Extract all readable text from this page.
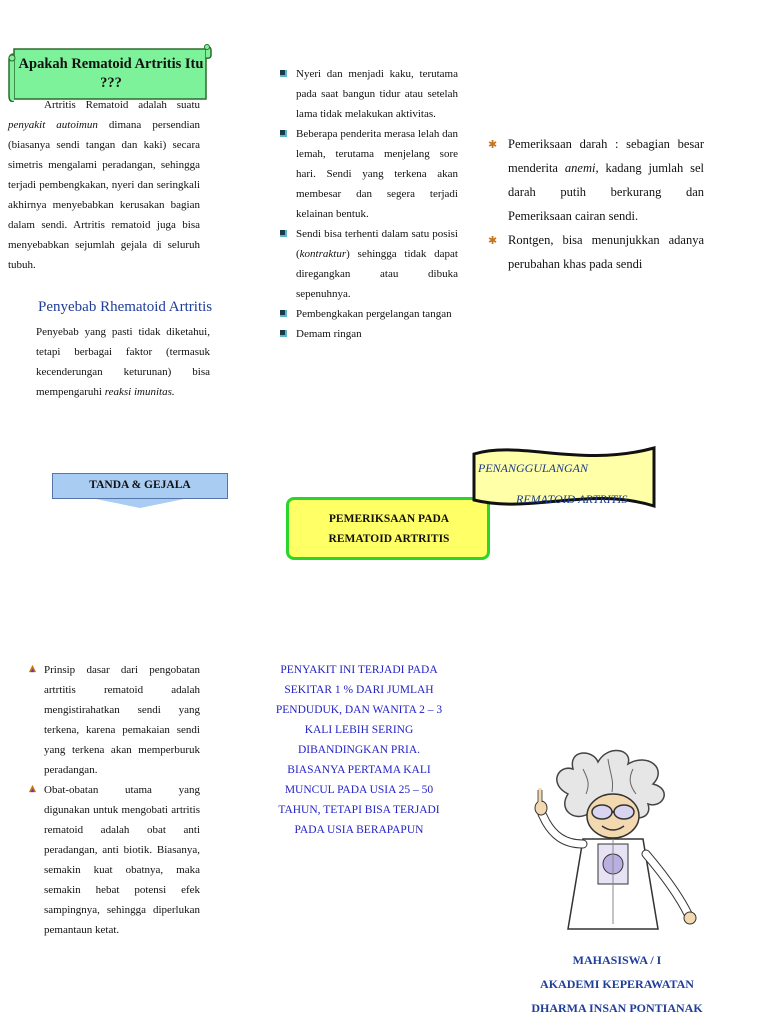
Apakah Rematoid Artritis Itu ???
Artritis Rematoid adalah suatu penyakit autoimun dimana persendian (biasanya sendi tangan dan kaki) secara simetris mengalami peradangan, sehingga terjadi pembengkakan, nyeri dan seringkali akhirnya menyebabkan kerusakan bagian dalam sendi. Artritis rematoid juga bisa menyebabkan sejumlah gejala di seluruh tubuh.
Penyebab Rhematoid Artritis
Penyebab yang pasti tidak diketahui, tetapi berbagai faktor (termasuk kecenderungan keturunan) bisa mempengaruhi reaksi imunitas.
TANDA & GEJALA
Nyeri dan menjadi kaku, terutama pada saat bangun tidur atau setelah lama tidak melakukan aktivitas.
Beberapa penderita merasa lelah dan lemah, terutama menjelang sore hari. Sendi yang terkena akan membesar dan segera terjadi kelainan bentuk.
Sendi bisa terhenti dalam satu posisi (kontraktur) sehingga tidak dapat diregangkan atau dibuka sepenuhnya.
Pembengkakan pergelangan tangan
Demam ringan
PEMERIKSAAN PADA REMATOID ARTRITIS
✱ Pemeriksaan darah : sebagian besar menderita anemi, kadang jumlah sel darah putih berkurang dan Pemeriksaan cairan sendi.
✱ Rontgen, bisa menunjukkan adanya perubahan khas pada sendi
PENANGGULANGAN
REMATOID ARTRITIS
Prinsip dasar dari pengobatan artrtitis rematoid adalah mengistirahatkan sendi yang terkena, karena pemakaian sendi yang terkena akan memperburuk peradangan.
Obat-obatan utama yang digunakan untuk mengobati artritis rematoid adalah obat anti peradangan, anti biotik. Biasanya, semakin kuat obatnya, maka semakin hebat potensi efek sampingnya, sehingga diperlukan pemantaun ketat.
PENYAKIT INI TERJADI PADA SEKITAR 1 % DARI JUMLAH PENDUDUK, DAN WANITA 2 – 3 KALI LEBIH SERING DIBANDINGKAN PRIA. BIASANYA PERTAMA KALI MUNCUL PADA USIA 25 – 50 TAHUN, TETAPI BISA TERJADI PADA USIA BERAPAPUN
MAHASISWA / I
AKADEMI KEPERAWATAN
DHARMA INSAN PONTIANAK
